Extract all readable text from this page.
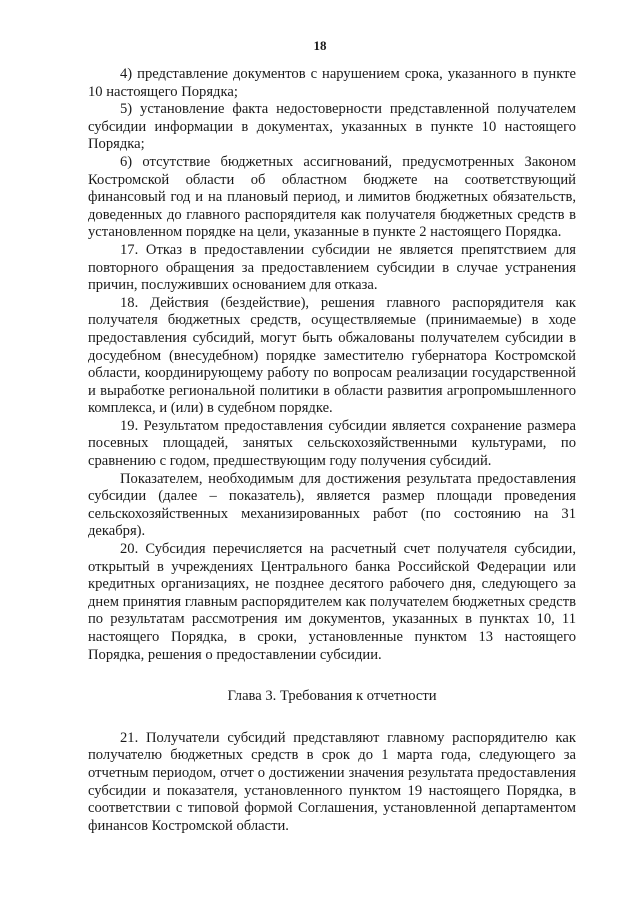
18

4) представление документов с нарушением срока, указанного в пункте 10 настоящего Порядка;

5) установление факта недостоверности представленной получателем субсидии информации в документах, указанных в пункте 10 настоящего Порядка;

6) отсутствие бюджетных ассигнований, предусмотренных Законом Костромской области об областном бюджете на соответствующий финансовый год и на плановый период, и лимитов бюджетных обязательств, доведенных до главного распорядителя как получателя бюджетных средств в установленном порядке на цели, указанные в пункте 2 настоящего Порядка.

17. Отказ в предоставлении субсидии не является препятствием для повторного обращения за предоставлением субсидии в случае устранения причин, послуживших основанием для отказа.

18. Действия (бездействие), решения главного распорядителя как получателя бюджетных средств, осуществляемые (принимаемые) в ходе предоставления субсидий, могут быть обжалованы получателем субсидии в досудебном (внесудебном) порядке заместителю губернатора Костромской области, координирующему работу по вопросам реализации государственной и выработке региональной политики в области развития агропромышленного комплекса, и (или) в судебном порядке.

19. Результатом предоставления субсидии является сохранение размера посевных площадей, занятых сельскохозяйственными культурами, по сравнению с годом, предшествующим году получения субсидий.

Показателем, необходимым для достижения результата предоставления субсидии (далее – показатель), является размер площади проведения сельскохозяйственных механизированных работ (по состоянию на 31 декабря).

20. Субсидия перечисляется на расчетный счет получателя субсидии, открытый в учреждениях Центрального банка Российской Федерации или кредитных организациях, не позднее десятого рабочего дня, следующего за днем принятия главным распорядителем как получателем бюджетных средств по результатам рассмотрения им документов, указанных в пунктах 10, 11 настоящего Порядка, в сроки, установленные пунктом 13 настоящего Порядка, решения о предоставлении субсидии.

Глава 3. Требования к отчетности

21. Получатели субсидий представляют главному распорядителю как получателю бюджетных средств в срок до 1 марта года, следующего за отчетным периодом, отчет о достижении значения результата предоставления субсидии и показателя, установленного пунктом 19 настоящего Порядка, в соответствии с типовой формой Соглашения, установленной департаментом финансов Костромской области.
